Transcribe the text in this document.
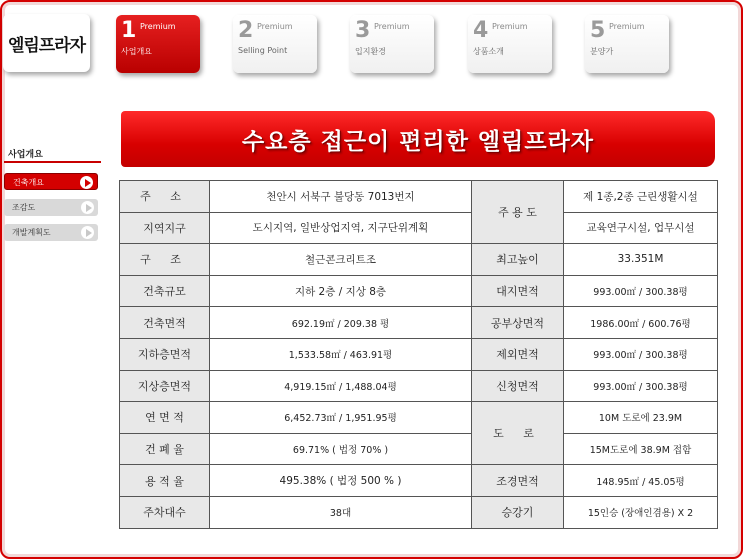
엘림프라자
1 Premium
사업개요
2 Premium
Selling Point
3 Premium
입지환경
4 Premium
상품소개
5 Premium
분양가
사업개요
건축개요
조감도
개발계획도
수요층 접근이 편리한 엘림프라자
주 소	천안시 서북구 불당동 7013번지	주 용 도	제 1종,2종 근린생활시설
지역지구	도시지역, 일반상업지역, 지구단위계획		교육연구시설, 업무시설
구 조	철근콘크리트조	최고높이	33.351M
건축규모	지하 2층 / 지상 8층	대지면적	993.00㎡ / 300.38평
건축면적	692.19㎡ / 209.38 평	공부상면적	1986.00㎡ / 600.76평
지하층면적	1,533.58㎡ / 463.91평	제외면적	993.00㎡ / 300.38평
지상층면적	4,919.15㎡ / 1,488.04평	신청면적	993.00㎡ / 300.38평
연 면 적	6,452.73㎡ / 1,951.95평	도 로	10M 도로에 23.9M
건 폐 율	69.71% ( 법정 70% )		15M도로에 38.9M 접함
용 적 율	495.38% ( 법정 500 % )	조경면적	148.95㎡ / 45.05평
주차대수	38대	승강기	15인승 (장애인겸용) X 2
